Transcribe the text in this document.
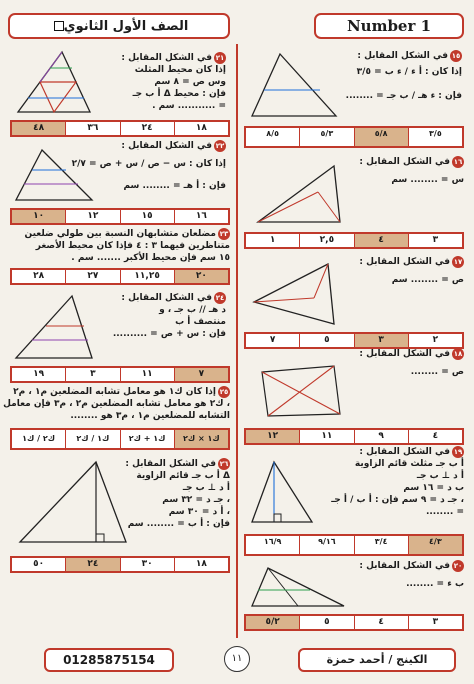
الصف الأول الثانوي	Number 1
٢١في الشكل المقابل :
إذا كان محيط المثلث
وس ص = ٨ سم
فإن : محيط Δ أ ب جـ
= ........... سم .
١٨
٢٤
٣٦
٤٨
٢٢في الشكل المقابل :
إذا كان : س − ص / س + ص = ٢/٧
فإن : أ هـ = ........ سم
١٦
١٥
١٢
١٠
٢٣مضلعان متشابهان النسبة بين طولي ضلعين
متناظرين فيهما ٣ : ٤ فإذا كان محيط الأصغر
١٥ سم فإن محيط الأكبر ....... سم .
٢٠
١١,٢٥
٢٧
٢٨
٢٤في الشكل المقابل :
د هـ // ب جـ ، و
منتصف أ ب
فإن : س + ص = ..........
٧
١١
٣
١٩
٢٥إذا كان ك١ هو معامل تشابه المضلعين م١ ، م٢
، ك٢ هو معامل تشابه المضلعين م٢ ، م٣ فإن معامل
التشابه للمضلعين م١ ، م٣ هو ........
ك١ × ك٢
ك١ + ك٢
ك١ / ك٢
ك٢ / ك١
٢٦في الشكل المقابل :
Δ أ ب جـ قائم الزاوية
أ د ⊥ ب جـ
، جـ د = ٣٢ سم
، أ د = ٣٠ سم
فإن : أ ب = ........ سم
١٨
٣٠
٢٤
٥٠
١٥في الشكل المقابل :
إذا كان : أ ء / ء ب = ٣/٥
فإن : ء هـ / ب جـ = ........
٣/٥
٥/٨
٥/٣
٨/٥
١٦في الشكل المقابل :
س = ........ سم
٣
٤
٢,٥
١
١٧في الشكل المقابل :
ص = ........ سم
٢
٣
٥
٧
١٨في الشكل المقابل :
ص = ........
٤
٩
١١
١٢
١٩في الشكل المقابل :
أ ب جـ مثلث قائم الزاوية
أ د ⊥ ب جـ
ب د = ١٦ سم
، جـ د = ٩ سم فإن : أ ب / أ جـ
= ........
٤/٣
٣/٤
٩/١٦
١٦/٩
٢٠في الشكل المقابل :
ب ء = ........
٣
٤
٥
٥/٢
01285875154	١١	الكينج / أحمد حمزة
